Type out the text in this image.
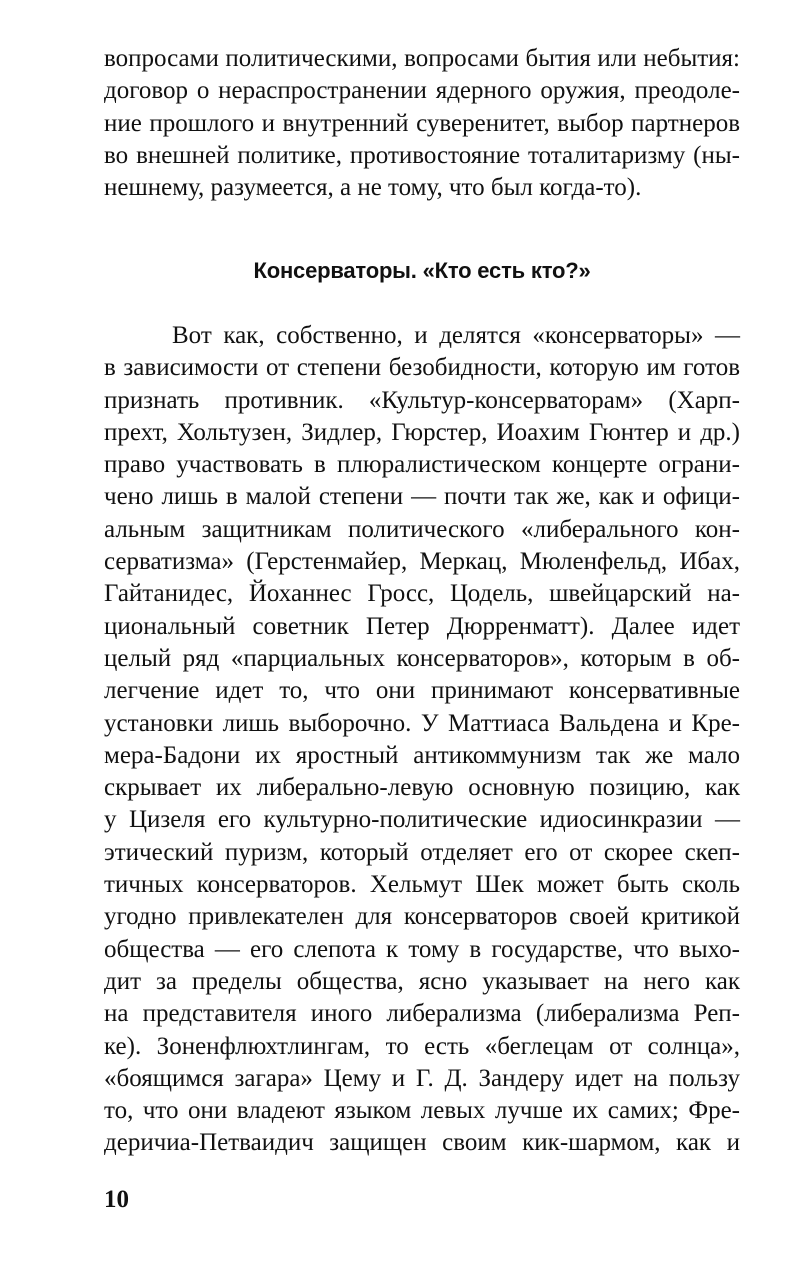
вопросами политическими, вопросами бытия или небытия:
договор о нераспространении ядерного оружия, преодоле-
ние прошлого и внутренний суверенитет, выбор партнеров
во внешней политике, противостояние тоталитаризму (ны-
нешнему, разумеется, а не тому, что был когда-то).
Консерваторы. «Кто есть кто?»
Вот как, собственно, и делятся «консерваторы» —
в зависимости от степени безобидности, которую им готов
признать противник. «Культур-консерваторам» (Харп-
прехт, Хольтузен, Зидлер, Гюрстер, Иоахим Гюнтер и др.)
право участвовать в плюралистическом концерте ограни-
чено лишь в малой степени — почти так же, как и офици-
альным защитникам политического «либерального кон-
серватизма» (Герстенмайер, Меркац, Мюленфельд, Ибах,
Гайтанидес, Йоханнес Гросс, Цодель, швейцарский на-
циональный советник Петер Дюрренматт). Далее идет
целый ряд «парциальных консерваторов», которым в об-
легчение идет то, что они принимают консервативные
установки лишь выборочно. У Маттиаса Вальдена и Кре-
мера-Бадони их яростный антикоммунизм так же мало
скрывает их либерально-левую основную позицию, как
у Цизеля его культурно-политические идиосинкразии —
этический пуризм, который отделяет его от скорее скеп-
тичных консерваторов. Хельмут Шек может быть сколь
угодно привлекателен для консерваторов своей критикой
общества — его слепота к тому в государстве, что выхо-
дит за пределы общества, ясно указывает на него как
на представителя иного либерализма (либерализма Реп-
ке). Зоненфлюхтлингам, то есть «беглецам от солнца»,
«боящимся загара» Цему и Г. Д. Зандеру идет на пользу
то, что они владеют языком левых лучше их самих; Фре-
деричиа-Петваидич защищен своим кик-шармом, как и
10
